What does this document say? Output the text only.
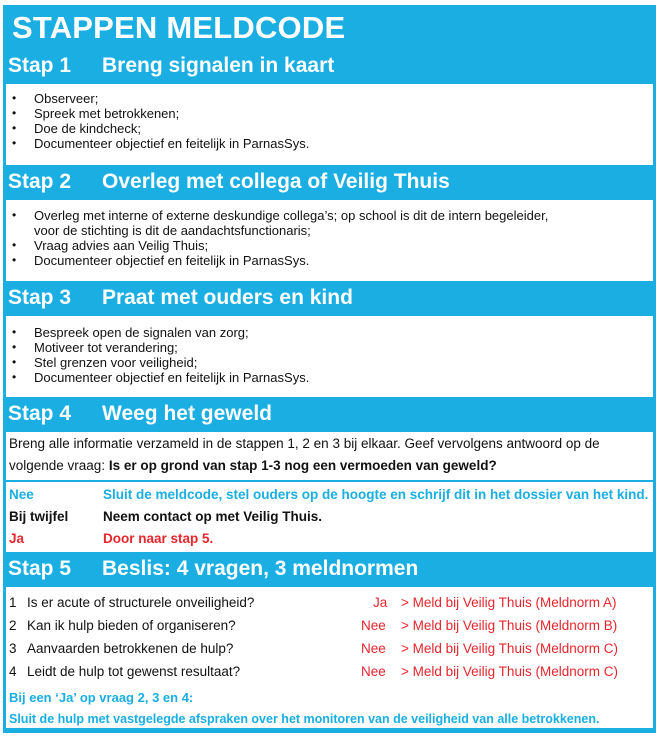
STAPPEN MELDCODE
Stap 1 Breng signalen in kaart
• Observeer;
• Spreek met betrokkenen;
• Doe de kindcheck;
• Documenteer objectief en feitelijk in ParnasSys.
Stap 2 Overleg met collega of Veilig Thuis
• Overleg met interne of externe deskundige collega’s; op school is dit de intern begeleider,
voor de stichting is dit de aandachtsfunctionaris;
• Vraag advies aan Veilig Thuis;
• Documenteer objectief en feitelijk in ParnasSys.
Stap 3 Praat met ouders en kind
• Bespreek open de signalen van zorg;
• Motiveer tot verandering;
• Stel grenzen voor veiligheid;
• Documenteer objectief en feitelijk in ParnasSys.
Stap 4 Weeg het geweld
Breng alle informatie verzameld in de stappen 1, 2 en 3 bij elkaar. Geef vervolgens antwoord op de
volgende vraag: Is er op grond van stap 1-3 nog een vermoeden van geweld?
Nee	Sluit de meldcode, stel ouders op de hoogte en schrijf dit in het dossier van het kind.
Bij twijfel	Neem contact op met Veilig Thuis.
Ja	Door naar stap 5.
Stap 5 Beslis: 4 vragen, 3 meldnormen
1 Is er acute of structurele onveiligheid?	Ja > Meld bij Veilig Thuis (Meldnorm A)
2 Kan ik hulp bieden of organiseren?	Nee > Meld bij Veilig Thuis (Meldnorm B)
3 Aanvaarden betrokkenen de hulp?	Nee > Meld bij Veilig Thuis (Meldnorm C)
4 Leidt de hulp tot gewenst resultaat?	Nee > Meld bij Veilig Thuis (Meldnorm C)
Bij een ‘Ja’ op vraag 2, 3 en 4:
Sluit de hulp met vastgelegde afspraken over het monitoren van de veiligheid van alle betrokkenen.
